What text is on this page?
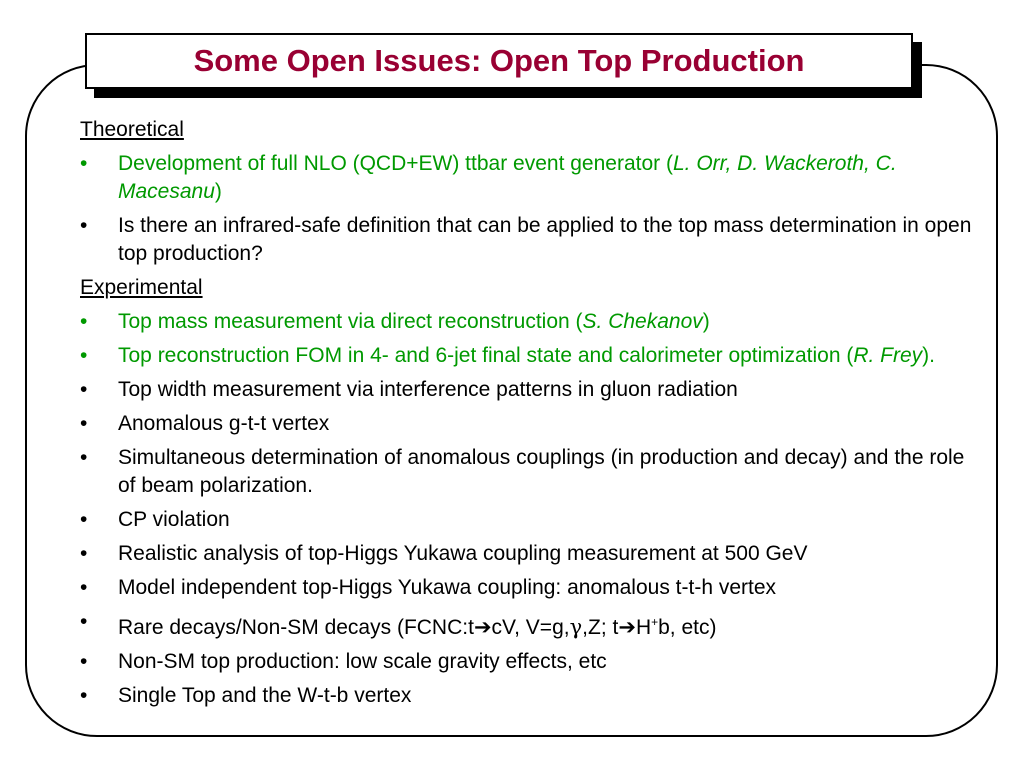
Some Open Issues: Open Top Production
Theoretical
•	Development of full NLO (QCD+EW) ttbar event generator (L. Orr, D. Wackeroth, C. Macesanu)
•	Is there an infrared-safe definition that can be applied to the top mass determination in open top production?
Experimental
•	Top mass measurement via direct reconstruction (S. Chekanov)
•	Top reconstruction FOM in 4- and 6-jet final state and calorimeter optimization (R. Frey).
•	Top width measurement via interference patterns in gluon radiation
•	Anomalous g-t-t vertex
•	Simultaneous determination of anomalous couplings (in production and decay) and the role of beam polarization.
•	CP violation
•	Realistic analysis of top-Higgs Yukawa coupling measurement at 500 GeV
•	Model independent top-Higgs Yukawa coupling: anomalous t-t-h vertex
•	Rare decays/Non-SM decays (FCNC:t➔cV, V=g,γ,Z; t➔H+b, etc)
•	Non-SM top production: low scale gravity effects, etc
•	Single Top and the W-t-b vertex
